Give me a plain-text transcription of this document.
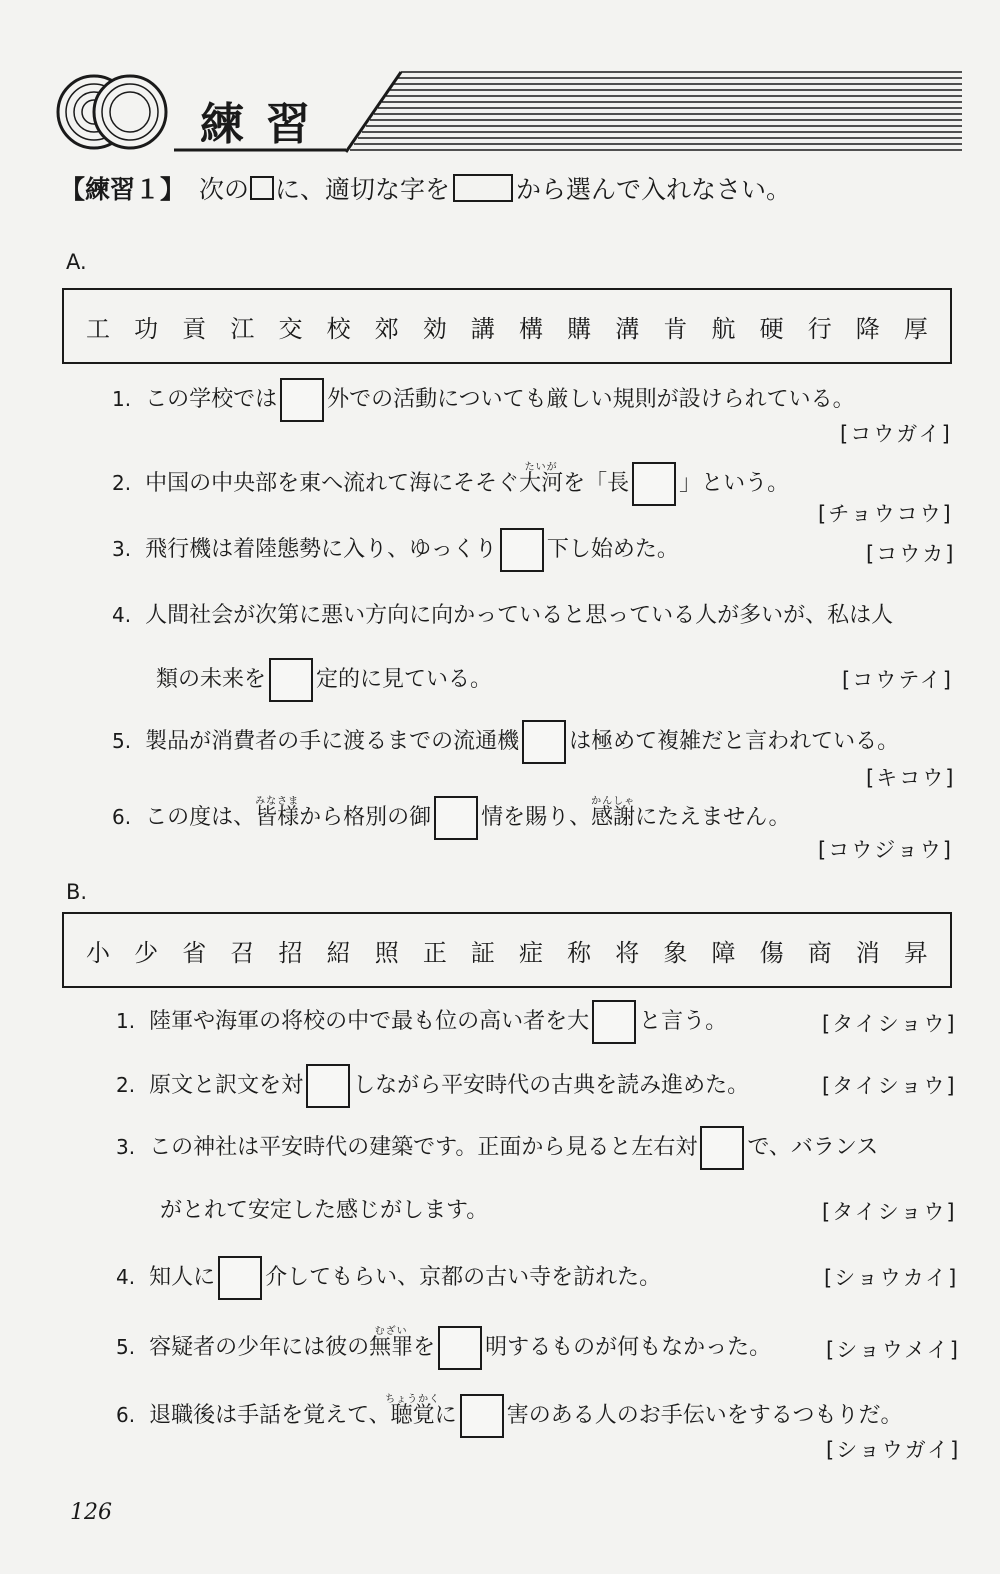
練習
【練習１】 次の に、適切な字を	から選んで入れなさい。
A.
工 功 貢 江 交 校 郊 効 講 構 購 溝 肯 航 硬 行 降 厚
1. この学校では 外での活動についても厳しい規則が設けられている。
[コウガイ]
2. 中国の中央部を東へ流れて海にそそぐ
たいが
大河を「長 」という。
[チョウコウ]
3. 飛行機は着陸態勢に入り、ゆっくり 下し始めた。	[コウカ]
4. 人間社会が次第に悪い方向に向かっていると思っている人が多いが、私は人
類の未来を 定的に見ている。	[コウテイ]
5. 製品が消費者の手に渡るまでの流通機 は極めて複雑だと言われている。
[キコウ]
6. この度は、
みなさま
皆様から格別の御 情を賜り、
かんしゃ
感謝にたえません。
[コウジョウ]
B.
小 少 省 召 招 紹 照 正 証 症 称 将 象 障 傷 商 消 昇
1. 陸軍や海軍の将校の中で最も位の高い者を大 と言う。	[タイショウ]
2. 原文と訳文を対 しながら平安時代の古典を読み進めた。	[タイショウ]
3. この神社は平安時代の建築です。正面から見ると左右対 で、バランス
がとれて安定した感じがします。	[タイショウ]
4. 知人に 介してもらい、京都の古い寺を訪れた。	[ショウカイ]
5. 容疑者の少年には彼の
むざい
無罪を 明するものが何もなかった。	[ショウメイ]
6. 退職後は手話を覚えて、
ちょうかく
聴覚に 害のある人のお手伝いをするつもりだ。
[ショウガイ]
126
